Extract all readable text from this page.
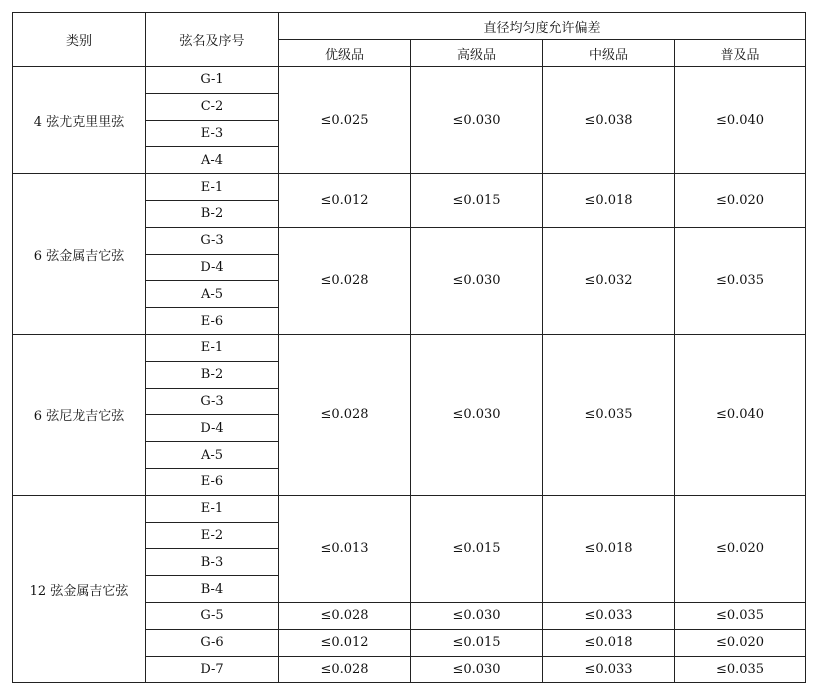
类别	弦名及序号	直径均匀度允许偏差			
		优级品	高级品	中级品	普及品
4 弦尤克里里弦	G-1	≤0.025	≤0.030	≤0.038	≤0.040
	C-2				
	E-3				
	A-4				
6 弦金属吉它弦	E-1	≤0.012	≤0.015	≤0.018	≤0.020
	B-2				
	G-3	≤0.028	≤0.030	≤0.032	≤0.035
	D-4				
	A-5				
	E-6				
6 弦尼龙吉它弦	E-1	≤0.028	≤0.030	≤0.035	≤0.040
	B-2				
	G-3				
	D-4				
	A-5				
	E-6				
12 弦金属吉它弦	E-1	≤0.013	≤0.015	≤0.018	≤0.020
	E-2				
	B-3				
	B-4				
	G-5	≤0.028	≤0.030	≤0.033	≤0.035
	G-6	≤0.012	≤0.015	≤0.018	≤0.020
	D-7	≤0.028	≤0.030	≤0.033	≤0.035
